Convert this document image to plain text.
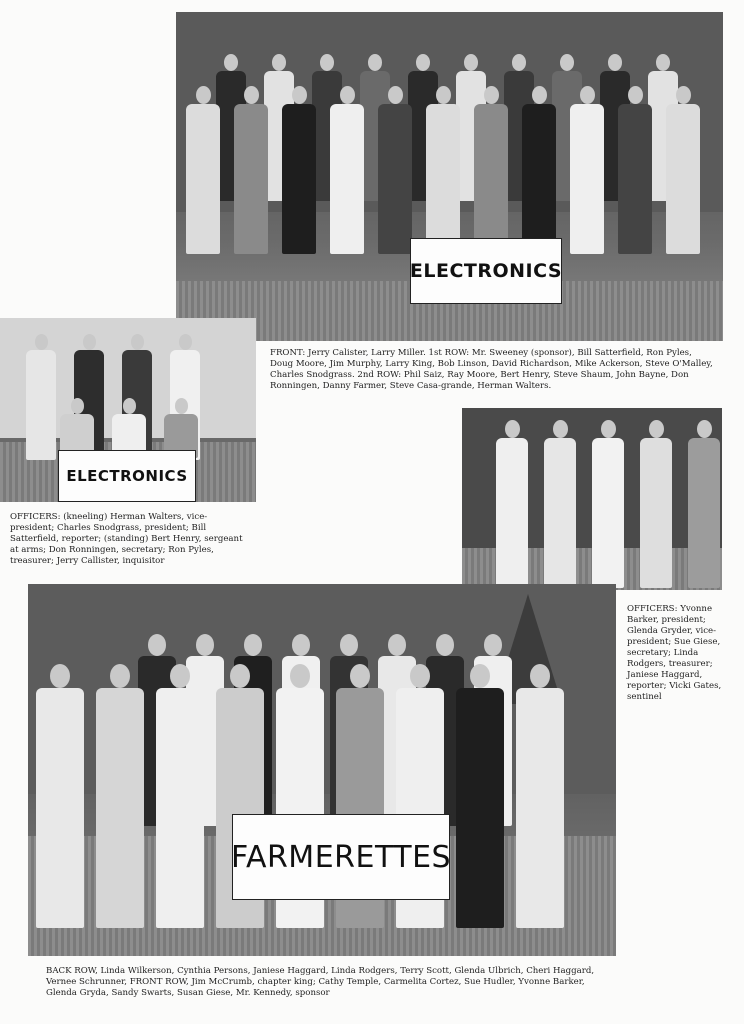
ELECTRONICS

FRONT: Jerry Calister, Larry Miller. 1st ROW: Mr. Sweeney (sponsor), Bill Satterfield, Ron Pyles, Doug Moore, Jim Murphy, Larry King, Bob Linson, David Richardson, Mike Ackerson, Steve O'Malley, Charles Snodgrass. 2nd ROW: Phil Saiz, Ray Moore, Bert Henry, Steve Shaum, John Bayne, Don Ronningen, Danny Farmer, Steve Casa-grande, Herman Walters.

ELECTRONICS

OFFICERS: (kneeling) Herman Walters, vice-president; Charles Snodgrass, president; Bill Satterfield, reporter; (standing) Bert Henry, sergeant at arms; Don Ronningen, secretary; Ron Pyles, treasurer; Jerry Callister, inquisitor

OFFICERS: Yvonne Barker, president; Glenda Gryder, vice-president; Sue Giese, secretary; Linda Rodgers, treasurer; Janiese Haggard, reporter; Vicki Gates, sentinel

FARMERETTES

BACK ROW, Linda Wilkerson, Cynthia Persons, Janiese Haggard, Linda Rodgers, Terry Scott, Glenda Ulbrich, Cheri Haggard, Vernee Schrunner, FRONT ROW, Jim McCrumb, chapter king; Cathy Temple, Carmelita Cortez, Sue Hudler, Yvonne Barker, Glenda Gryda, Sandy Swarts, Susan Giese, Mr. Kennedy, sponsor
